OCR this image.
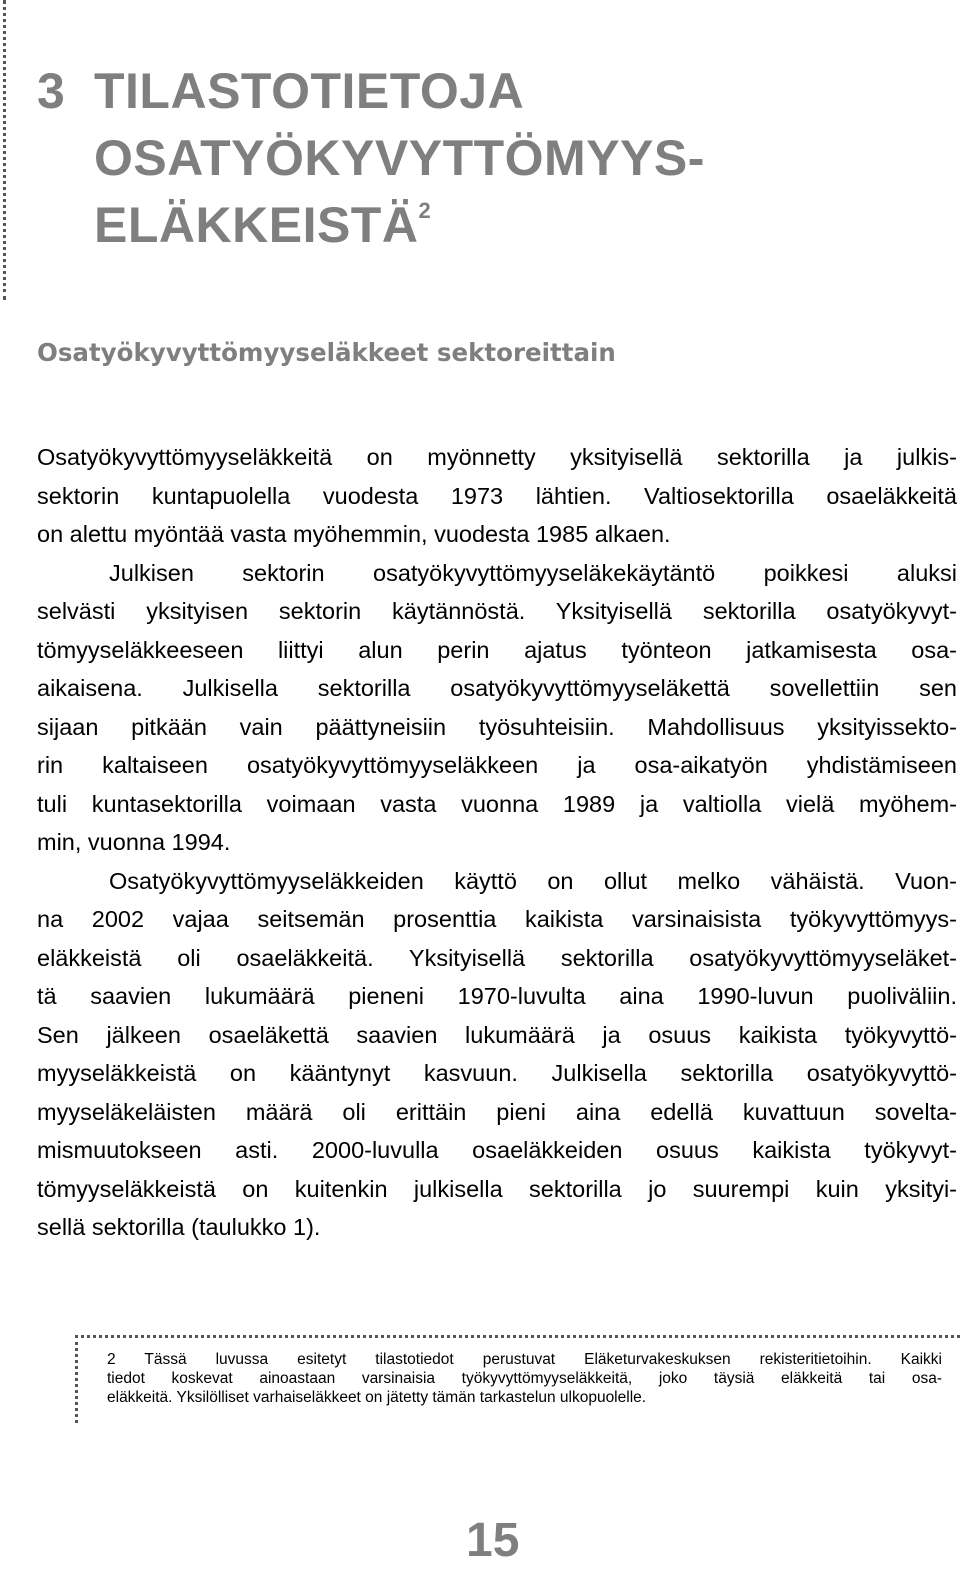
3 TILASTOTIETOJA
OSATYÖKYVYTTÖMYYS-
ELÄKKEISTÄ$^2$
Osatyökyvyttömyyseläkkeet sektoreittain
Osatyökyvyttömyyseläkkeitä on myönnetty yksityisellä sektorilla ja julkis-
sektorin kuntapuolella vuodesta 1973 lähtien. Valtiosektorilla osaeläkkeitä
on alettu myöntää vasta myöhemmin, vuodesta 1985 alkaen.
Julkisen sektorin osatyökyvyttömyyseläkekäytäntö poikkesi aluksi
selvästi yksityisen sektorin käytännöstä. Yksityisellä sektorilla osatyökyvyt-
tömyyseläkkeeseen liittyi alun perin ajatus työnteon jatkamisesta osa-
aikaisena. Julkisella sektorilla osatyökyvyttömyyseläkettä sovellettiin sen
sijaan pitkään vain päättyneisiin työsuhteisiin. Mahdollisuus yksityissekto-
rin kaltaiseen osatyökyvyttömyyseläkkeen ja osa-aikatyön yhdistämiseen
tuli kuntasektorilla voimaan vasta vuonna 1989 ja valtiolla vielä myöhem-
min, vuonna 1994.
Osatyökyvyttömyyseläkkeiden käyttö on ollut melko vähäistä. Vuon-
na 2002 vajaa seitsemän prosenttia kaikista varsinaisista työkyvyttömyys-
eläkkeistä oli osaeläkkeitä. Yksityisellä sektorilla osatyökyvyttömyyseläket-
tä saavien lukumäärä pieneni 1970-luvulta aina 1990-luvun puoliväliin.
Sen jälkeen osaeläkettä saavien lukumäärä ja osuus kaikista työkyvyttö-
myyseläkkeistä on kääntynyt kasvuun. Julkisella sektorilla osatyökyvyttö-
myyseläkeläisten määrä oli erittäin pieni aina edellä kuvattuun soveltа-
mismuutokseen asti. 2000-luvulla osaeläkkeiden osuus kaikista työkyvyt-
tömyyseläkkeistä on kuitenkin julkisella sektorilla jo suurempi kuin yksityi-
sellä sektorilla (taulukko 1).
2 Tässä luvussa esitetyt tilastotiedot perustuvat Eläketurvakeskuksen rekisteritietoihin. Kaikki
tiedot koskevat ainoastaan varsinaisia työkyvyttömyyseläkkeitä, joko täysiä eläkkeitä tai osa-
eläkkeitä. Yksilölliset varhaiseläkkeet on jätetty tämän tarkastelun ulkopuolelle.
15
